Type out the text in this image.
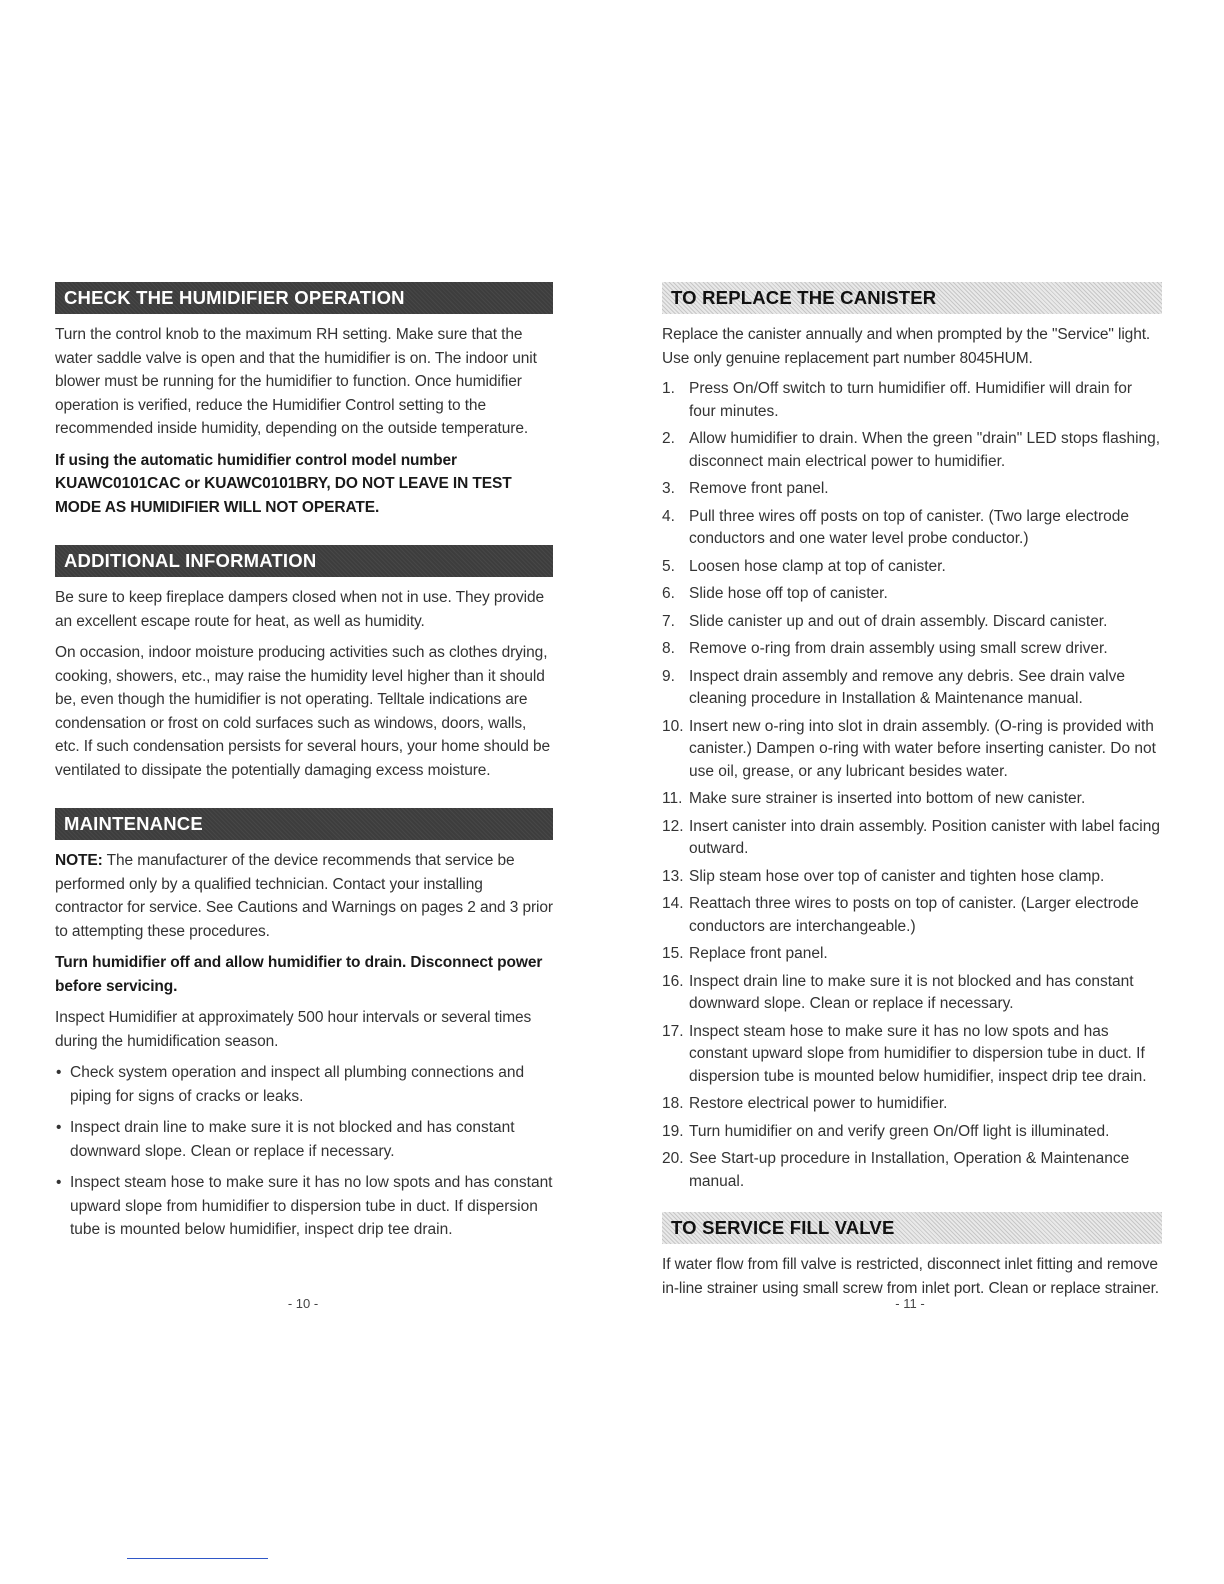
CHECK THE HUMIDIFIER OPERATION

Turn the control knob to the maximum RH setting. Make sure that the water saddle valve is open and that the humidifier is on. The indoor unit blower must be running for the humidifier to function. Once humidifier operation is verified, reduce the Humidifier Control setting to the recommended inside humidity, depending on the outside temperature.

If using the automatic humidifier control model number KUAWC0101CAC or KUAWC0101BRY, DO NOT LEAVE IN TEST MODE AS HUMIDIFIER WILL NOT OPERATE.

ADDITIONAL INFORMATION

Be sure to keep fireplace dampers closed when not in use. They provide an excellent escape route for heat, as well as humidity.

On occasion, indoor moisture producing activities such as clothes drying, cooking, showers, etc., may raise the humidity level higher than it should be, even though the humidifier is not operating. Telltale indications are condensation or frost on cold surfaces such as windows, doors, walls, etc. If such condensation persists for several hours, your home should be ventilated to dissipate the potentially damaging excess moisture.

MAINTENANCE

NOTE: The manufacturer of the device recommends that service be performed only by a qualified technician. Contact your installing contractor for service. See Cautions and Warnings on pages 2 and 3 prior to attempting these procedures.

Turn humidifier off and allow humidifier to drain. Disconnect power before servicing.

Inspect Humidifier at approximately 500 hour intervals or several times during the humidification season.

• Check system operation and inspect all plumbing connections and piping for signs of cracks or leaks.
• Inspect drain line to make sure it is not blocked and has constant downward slope. Clean or replace if necessary.
• Inspect steam hose to make sure it has no low spots and has constant upward slope from humidifier to dispersion tube in duct. If dispersion tube is mounted below humidifier, inspect drip tee drain.
TO REPLACE THE CANISTER

Replace the canister annually and when prompted by the "Service" light. Use only genuine replacement part number 8045HUM.

1. Press On/Off switch to turn humidifier off. Humidifier will drain for four minutes.
2. Allow humidifier to drain. When the green "drain" LED stops flashing, disconnect main electrical power to humidifier.
3. Remove front panel.
4. Pull three wires off posts on top of canister. (Two large electrode conductors and one water level probe conductor.)
5. Loosen hose clamp at top of canister.
6. Slide hose off top of canister.
7. Slide canister up and out of drain assembly. Discard canister.
8. Remove o-ring from drain assembly using small screw driver.
9. Inspect drain assembly and remove any debris. See drain valve cleaning procedure in Installation & Maintenance manual.
10. Insert new o-ring into slot in drain assembly. (O-ring is provided with canister.) Dampen o-ring with water before inserting canister. Do not use oil, grease, or any lubricant besides water.
11. Make sure strainer is inserted into bottom of new canister.
12. Insert canister into drain assembly. Position canister with label facing outward.
13. Slip steam hose over top of canister and tighten hose clamp.
14. Reattach three wires to posts on top of canister. (Larger electrode conductors are interchangeable.)
15. Replace front panel.
16. Inspect drain line to make sure it is not blocked and has constant downward slope. Clean or replace if necessary.
17. Inspect steam hose to make sure it has no low spots and has constant upward slope from humidifier to dispersion tube in duct. If dispersion tube is mounted below humidifier, inspect drip tee drain.
18. Restore electrical power to humidifier.
19. Turn humidifier on and verify green On/Off light is illuminated.
20. See Start-up procedure in Installation, Operation & Maintenance manual.
TO SERVICE FILL VALVE

If water flow from fill valve is restricted, disconnect inlet fitting and remove in-line strainer using small screw from inlet port. Clean or replace strainer.

- 10 -	- 11 -
